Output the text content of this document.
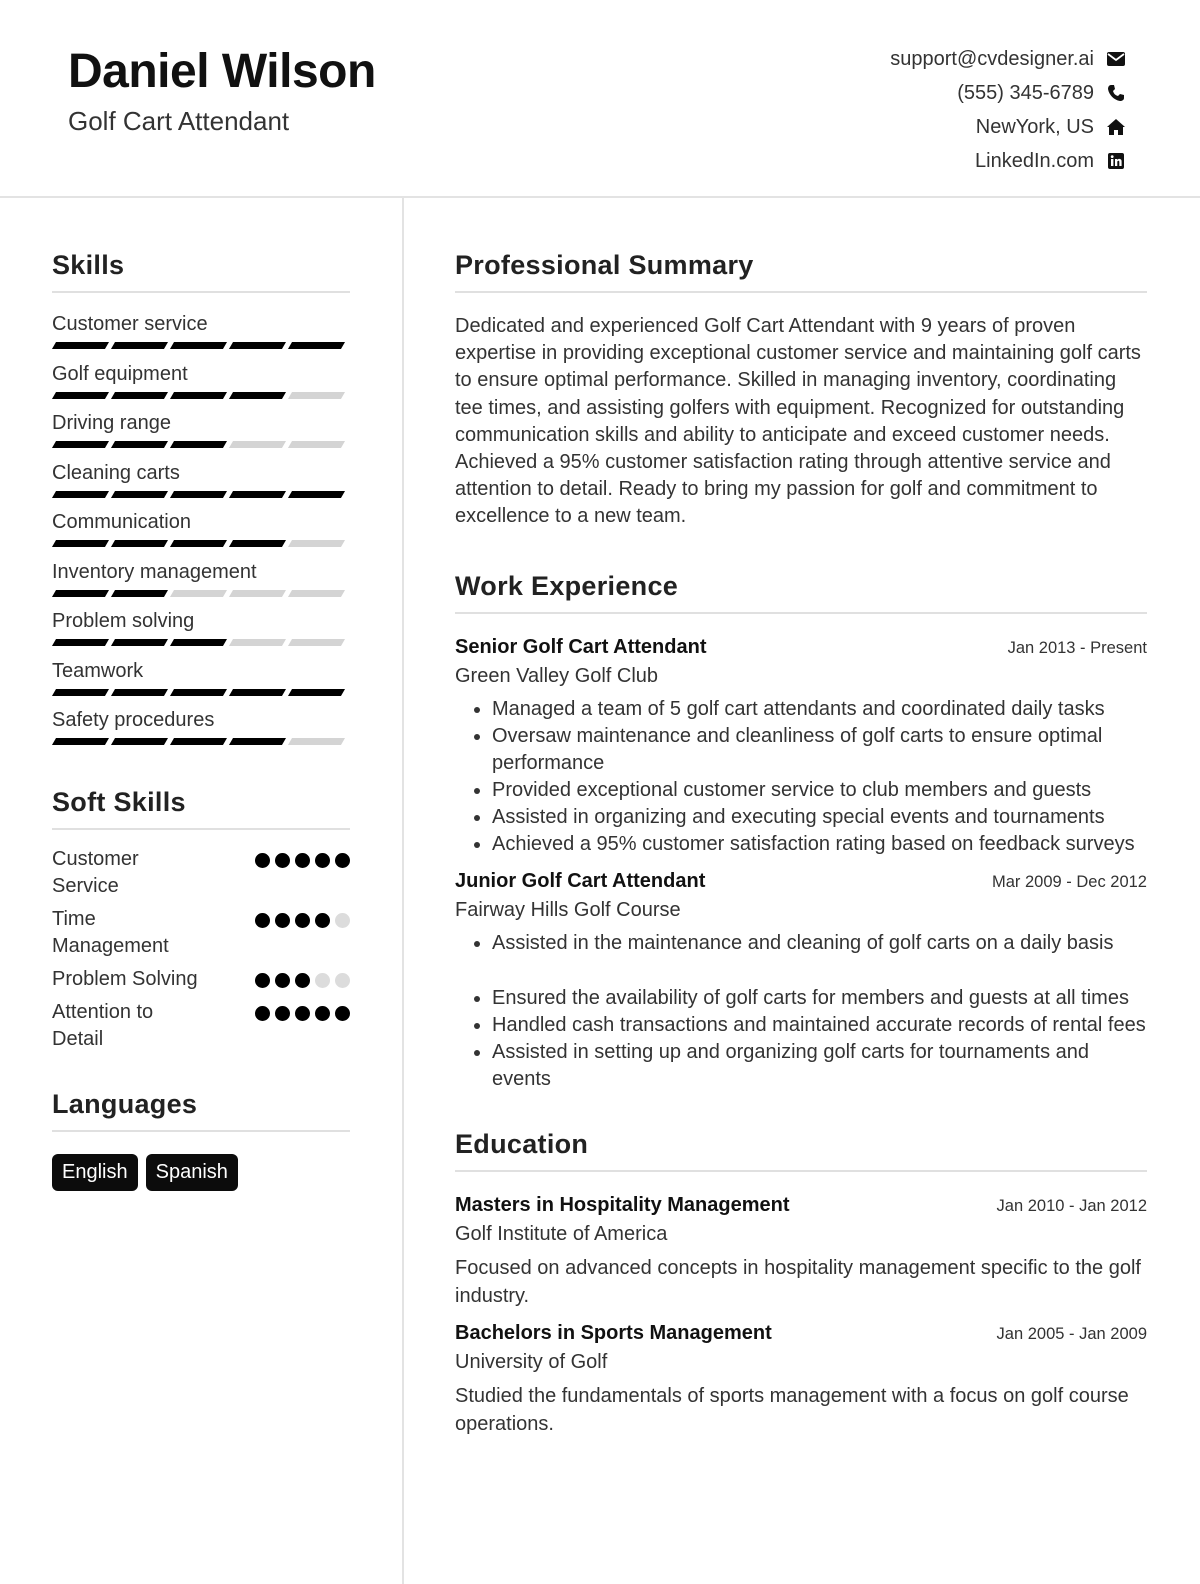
Daniel Wilson
Golf Cart Attendant
support@cvdesigner.ai
(555) 345-6789
NewYork, US
LinkedIn.com
Skills
Customer service
Golf equipment
Driving range
Cleaning carts
Communication
Inventory management
Problem solving
Teamwork
Safety procedures
Soft Skills
Customer Service
Time Management
Problem Solving
Attention to Detail
Languages
English	Spanish
Professional Summary

Dedicated and experienced Golf Cart Attendant with 9 years of proven expertise in providing exceptional customer service and maintaining golf carts to ensure optimal performance. Skilled in managing inventory, coordinating tee times, and assisting golfers with equipment. Recognized for outstanding communication skills and ability to anticipate and exceed customer needs. Achieved a 95% customer satisfaction rating through attentive service and attention to detail. Ready to bring my passion for golf and commitment to excellence to a new team.

Work Experience
Senior Golf Cart Attendant	Jan 2013 - Present
Green Valley Golf Club
• Managed a team of 5 golf cart attendants and coordinated daily tasks
• Oversaw maintenance and cleanliness of golf carts to ensure optimal performance
• Provided exceptional customer service to club members and guests
• Assisted in organizing and executing special events and tournaments
• Achieved a 95% customer satisfaction rating based on feedback surveys
Junior Golf Cart Attendant	Mar 2009 - Dec 2012
Fairway Hills Golf Course
• Assisted in the maintenance and cleaning of golf carts on a daily basis
• Ensured the availability of golf carts for members and guests at all times
• Handled cash transactions and maintained accurate records of rental fees
• Assisted in setting up and organizing golf carts for tournaments and events
Education
Masters in Hospitality Management	Jan 2010 - Jan 2012
Golf Institute of America

Focused on advanced concepts in hospitality management specific to the golf industry.

Bachelors in Sports Management	Jan 2005 - Jan 2009
University of Golf

Studied the fundamentals of sports management with a focus on golf course operations.
